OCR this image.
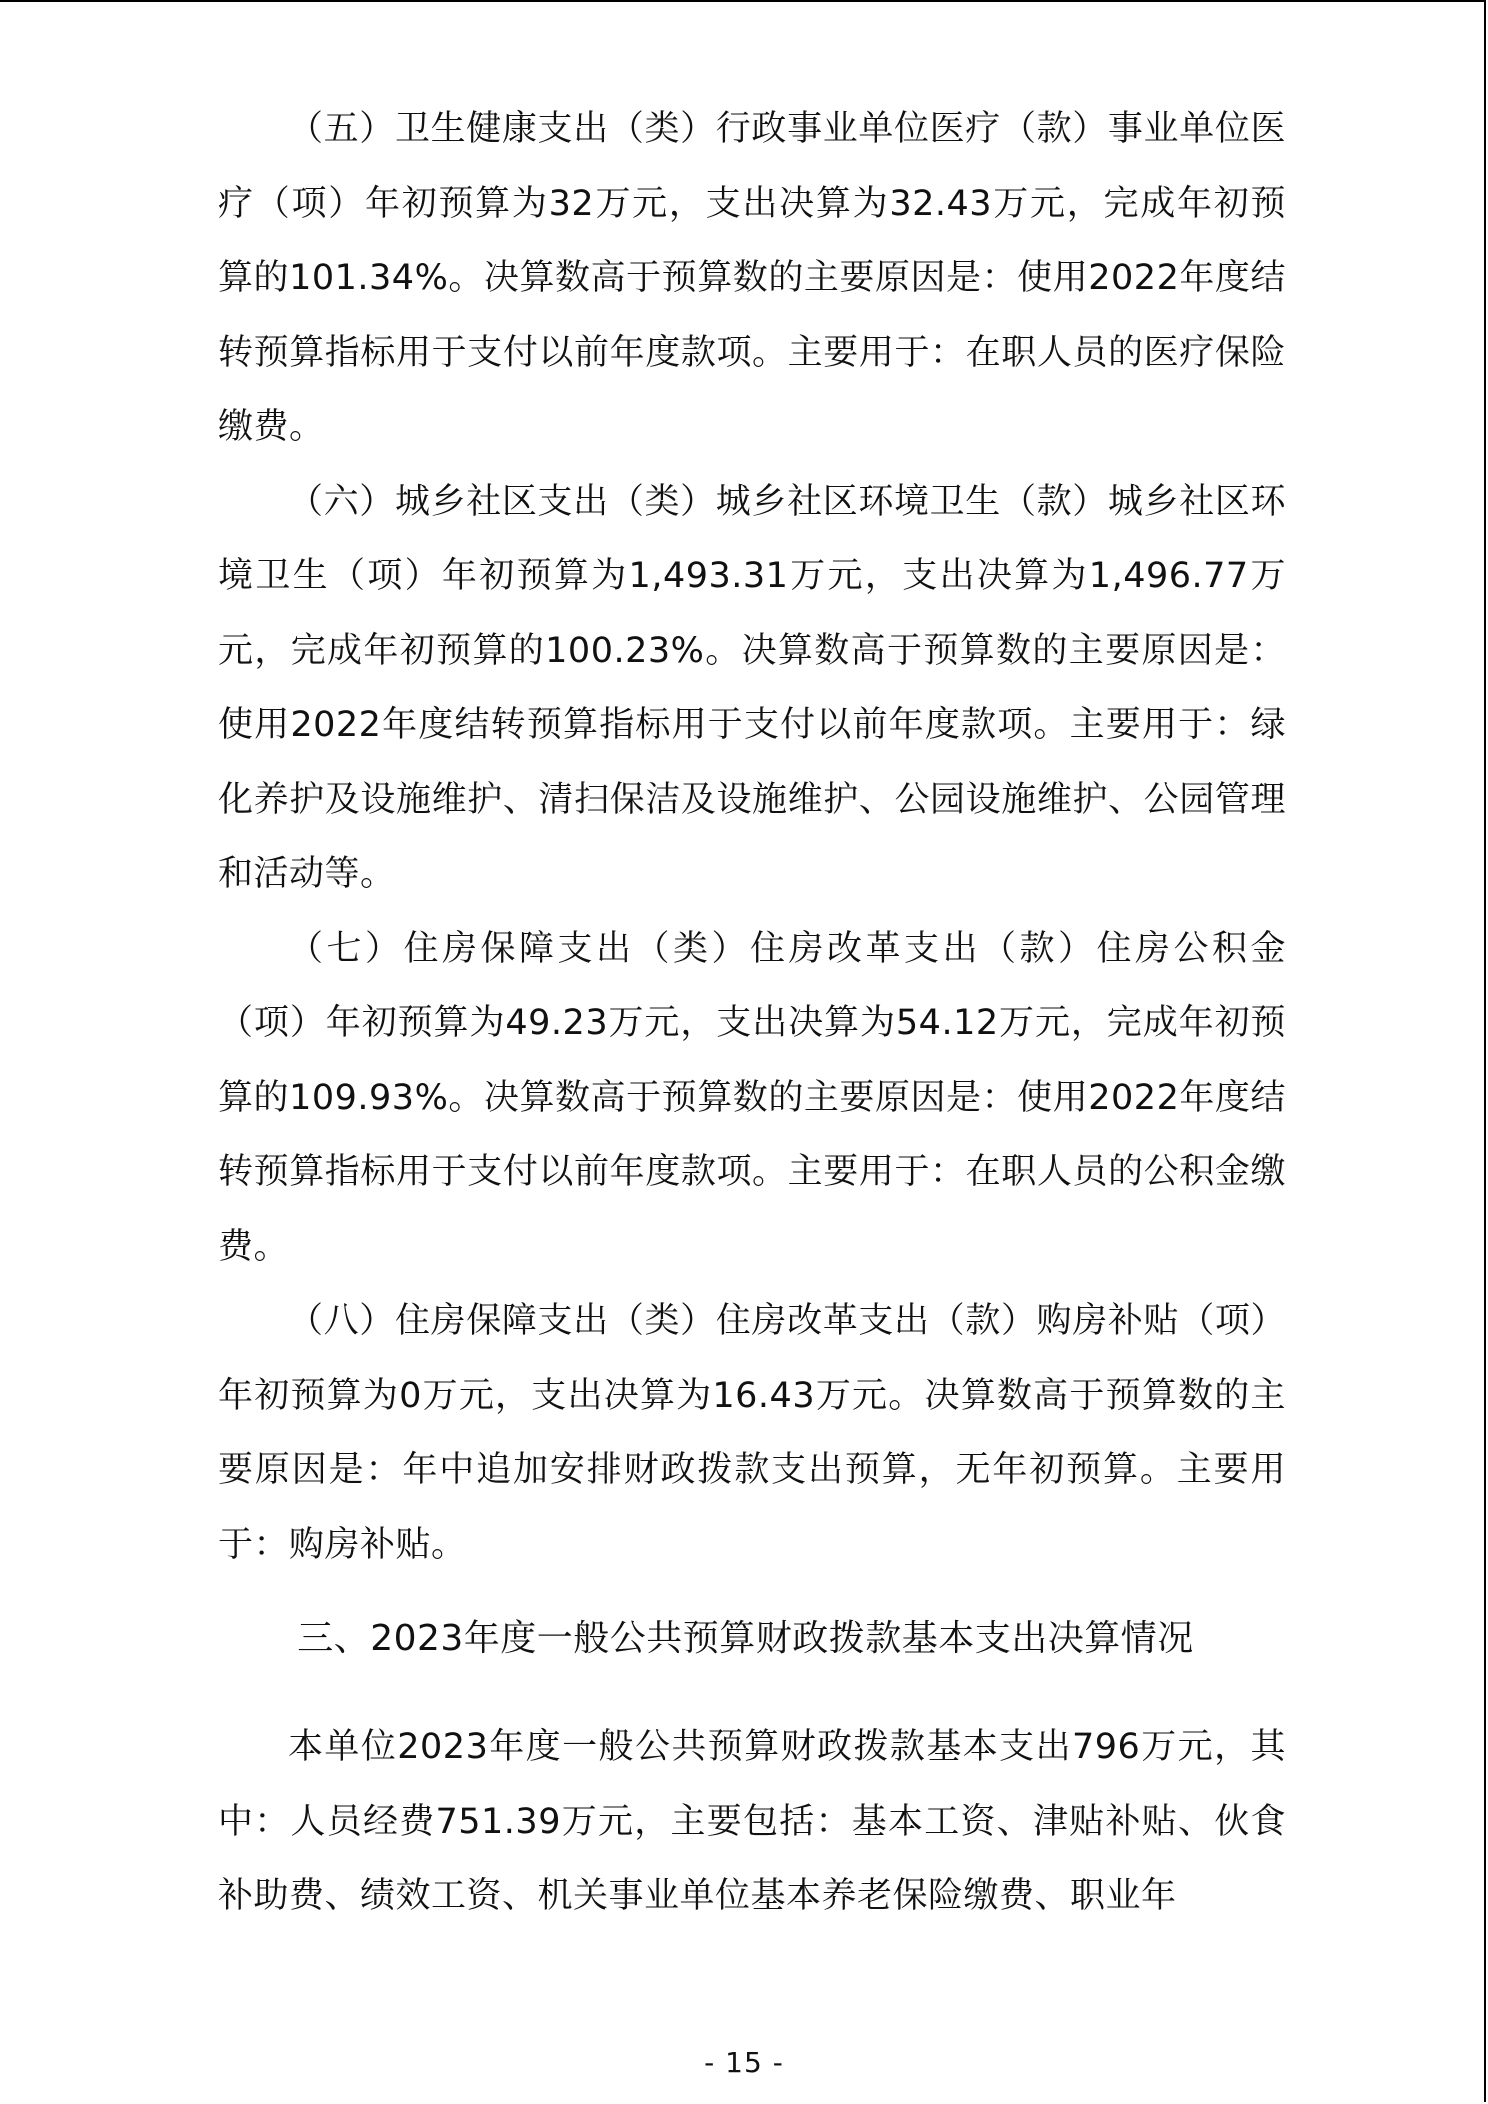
（五）卫生健康支出（类）行政事业单位医疗（款）事业单位医疗（项）年初预算为32万元，支出决算为32.43万元，完成年初预算的101.34%。决算数高于预算数的主要原因是：使用2022年度结转预算指标用于支付以前年度款项。主要用于：在职人员的医疗保险缴费。

（六）城乡社区支出（类）城乡社区环境卫生（款）城乡社区环境卫生（项）年初预算为1,493.31万元，支出决算为1,496.77万元，完成年初预算的100.23%。决算数高于预算数的主要原因是：使用2022年度结转预算指标用于支付以前年度款项。主要用于：绿化养护及设施维护、清扫保洁及设施维护、公园设施维护、公园管理和活动等。

（七）住房保障支出（类）住房改革支出（款）住房公积金（项）年初预算为49.23万元，支出决算为54.12万元，完成年初预算的109.93%。决算数高于预算数的主要原因是：使用2022年度结转预算指标用于支付以前年度款项。主要用于：在职人员的公积金缴费。

（八）住房保障支出（类）住房改革支出（款）购房补贴（项）年初预算为0万元，支出决算为16.43万元。决算数高于预算数的主要原因是：年中追加安排财政拨款支出预算，无年初预算。主要用于：购房补贴。

三、2023年度一般公共预算财政拨款基本支出决算情况

本单位2023年度一般公共预算财政拨款基本支出796万元，其中：人员经费751.39万元，主要包括：基本工资、津贴补贴、伙食补助费、绩效工资、机关事业单位基本养老保险缴费、职业年

- 15 -
